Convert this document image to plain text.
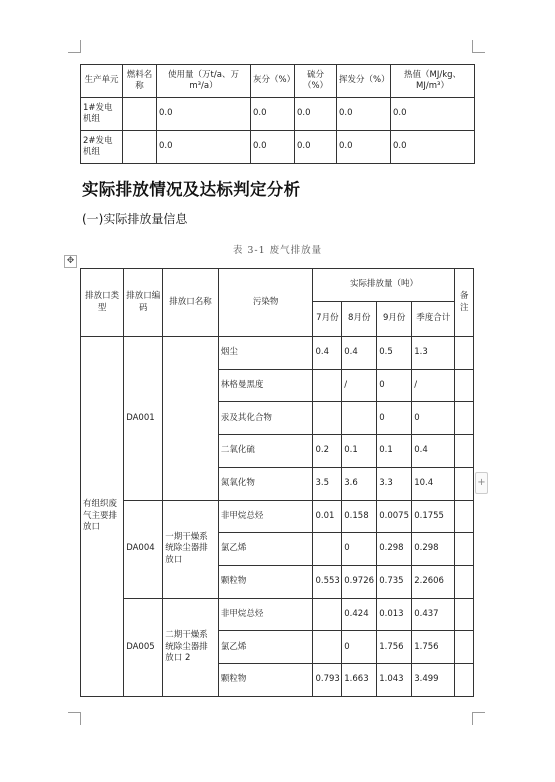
生产单元	燃料名称	使用量（万t/a、万m³/a）	灰分（%）	硫分（%）	挥发分（%）	热值（MJ/kg、MJ/m³）
1#发电机组		0.0	0.0	0.0	0.0	0.0
2#发电机组		0.0	0.0	0.0	0.0	0.0
实际排放情况及达标判定分析
(一)实际排放量信息
表 3-1 废气排放量
✥
排放口类型	排放口编码	排放口名称	污染物	实际排放量（吨）				备注
				7月份	8月份	9月份	季度合计	
有组织废气主要排放口	DA001		烟尘	0.4	0.4	0.5	1.3	
			林格曼黑度		/	0	/	
			汞及其化合物			0	0	
			二氧化硫	0.2	0.1	0.1	0.4	
			氮氧化物	3.5	3.6	3.3	10.4	
	DA004	一期干燥系统除尘器排放口	非甲烷总烃	0.01	0.158	0.0075	0.1755	
			氯乙烯		0	0.298	0.298	
			颗粒物	0.553	0.9726	0.735	2.2606	
	DA005	二期干燥系统除尘器排放口 2	非甲烷总烃		0.424	0.013	0.437	
			氯乙烯		0	1.756	1.756	
			颗粒物	0.793	1.663	1.043	3.499	
+
